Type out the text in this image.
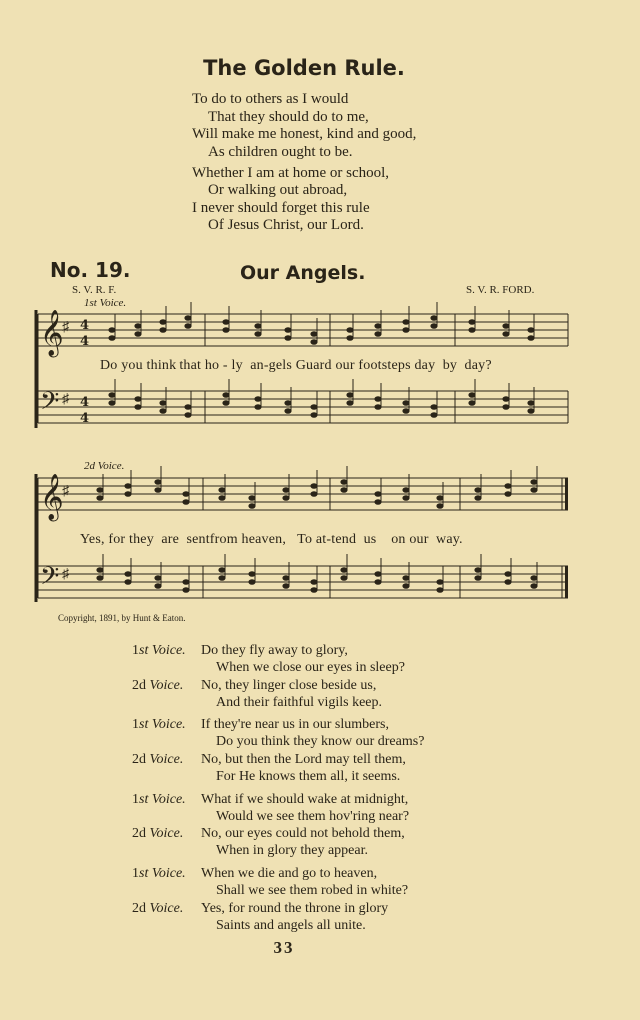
The Golden Rule.
To do to others as I would
That they should do to me,
Will make me honest, kind and good,
As children ought to be.
Whether I am at home or school,
Or walking out abroad,
I never should forget this rule
Of Jesus Christ, our Lord.
No. 19.	Our Angels.
S. V. R. F.	S. V. R. FORD.
1st Voice.
𝄞
𝄢
♯
♯
4
4
4
4
Do you think that ho - ly an-gels Guard our footsteps day by day?
2d Voice.
𝄞
𝄢
♯
♯
Yes, for they are sentfrom heaven, To at-tend us on our way.
Copyright, 1891, by Hunt & Eaton.
1st Voice. Do they fly away to glory,
When we close our eyes in sleep?
2d Voice. No, they linger close beside us,
And their faithful vigils keep.
1st Voice. If they're near us in our slumbers,
Do you think they know our dreams?
2d Voice. No, but then the Lord may tell them,
For He knows them all, it seems.
1st Voice. What if we should wake at midnight,
Would we see them hov'ring near?
2d Voice. No, our eyes could not behold them,
When in glory they appear.
1st Voice. When we die and go to heaven,
Shall we see them robed in white?
2d Voice. Yes, for round the throne in glory
Saints and angels all unite.
33
